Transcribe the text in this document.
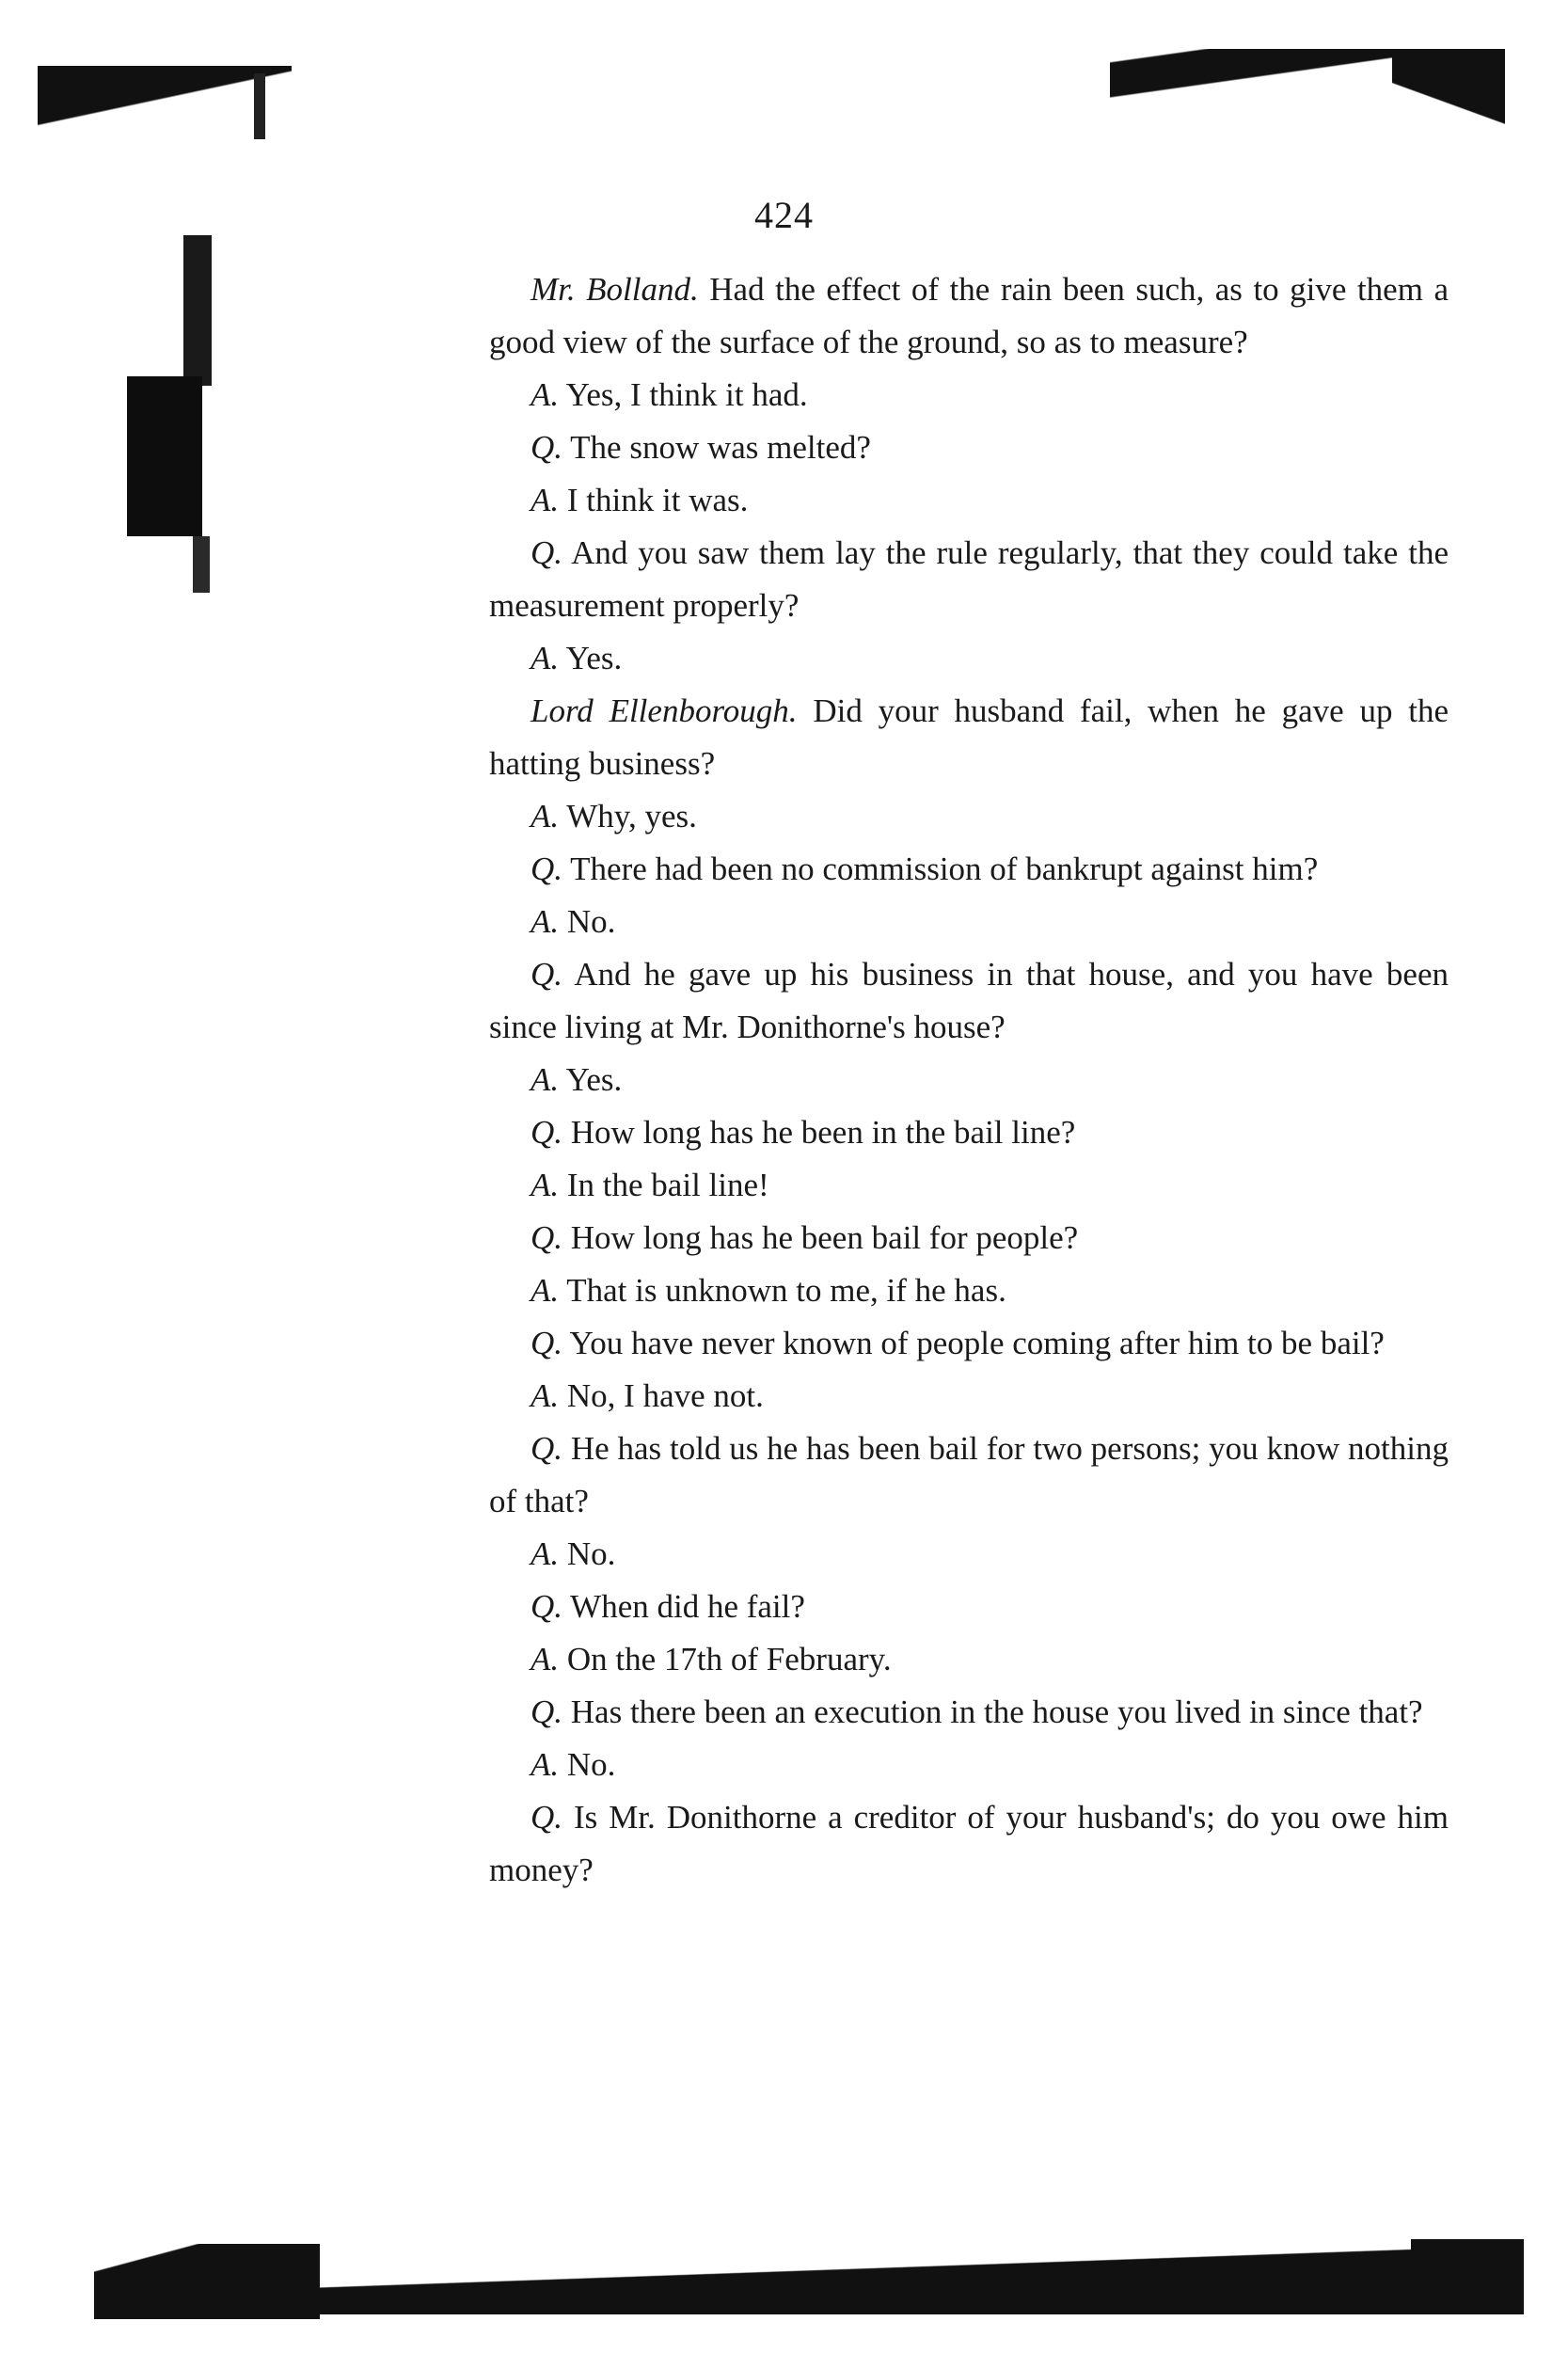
424

Mr. Bolland. Had the effect of the rain been such, as to give them a good view of the surface of the ground, so as to measure?

A. Yes, I think it had.

Q. The snow was melted?

A. I think it was.

Q. And you saw them lay the rule regularly, that they could take the measurement properly?

A. Yes.

Lord Ellenborough. Did your husband fail, when he gave up the hatting business?

A. Why, yes.

Q. There had been no commission of bankrupt against him?

A. No.

Q. And he gave up his business in that house, and you have been since living at Mr. Donithorne's house?

A. Yes.

Q. How long has he been in the bail line?

A. In the bail line!

Q. How long has he been bail for people?

A. That is unknown to me, if he has.

Q. You have never known of people coming after him to be bail?

A. No, I have not.

Q. He has told us he has been bail for two persons; you know nothing of that?

A. No.

Q. When did he fail?

A. On the 17th of February.

Q. Has there been an execution in the house you lived in since that?

A. No.

Q. Is Mr. Donithorne a creditor of your husband's; do you owe him money?
